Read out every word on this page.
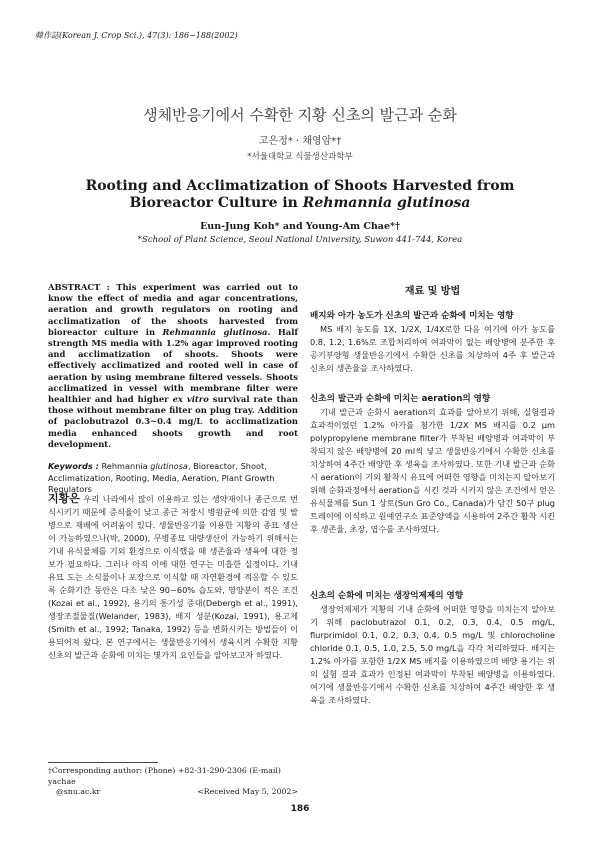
韓作誌(Korean J. Crop Sci.), 47(3): 186~188(2002)
생체반응기에서 수확한 지황 신초의 발근과 순화
고은정* · 채영암*†
*서울대학교 식물생산과학부
Rooting and Acclimatization of Shoots Harvested from
Bioreactor Culture in Rehmannia glutinosa
Eun-Jung Koh* and Young-Am Chae*†
*School of Plant Science, Seoul National University, Suwon 441-744, Korea
ABSTRACT : This experiment was carried out to know the effect of media and agar concentrations, aeration and growth regulators on rooting and acclimatization of the shoots harvested from bioreactor culture in Rehmannia glutinosa. Half strength MS media with 1.2% agar improved rooting and acclimatization of shoots. Shoots were effectively acclimatized and rooted well in case of aeration by using membrane filtered vessels. Shoots acclimatized in vessel with membrane filter were healthier and had higher ex vitro survival rate than those without membrane filter on plug tray. Addition of paclobutrazol 0.3~0.4 mg/L to acclimatization media enhanced shoots growth and root development.
Keywords : Rehmannia glutinosa, Bioreactor, Shoot, Acclimatization, Rooting, Media, Aeration, Plant Growth Regulators
지황은 우리 나라에서 많이 이용하고 있는 생약재이나 종근으로 번식시키기 때문에 증식율이 낮고 종근 저장시 병원균에 의한 감염 및 발병으로 재배에 어려움이 있다. 생물반응기를 이용한 지황의 종묘 생산이 가능하였으나(박, 2000), 무병종묘 대량생산이 가능하기 위해서는 기내 유식물체를 기외 환경으로 이식했을 때 생존율과 생육에 대한 정보가 필요하다. 그러나 아직 이에 대한 연구는 미흡한 실정이다. 기내 유묘 도는 소식물이나 포장으로 이식할 때 자연환경에 적응할 수 있도록 순화기간 동안은 다소 낮은 90~60% 습도와, 영양분이 적은 조건(Kozai et al., 1992), 용기의 통기성 증대(Debergh et al., 1991), 생장조절물질(Welander, 1983), 배지 성분(Kozai, 1991), 용고제(Smith et al., 1992; Tanaka, 1992) 등을 변화시키는 방법들이 이용되어져 왔다. 본 연구에서는 생물반응기에서 생육시켜 수확한 지황 신초의 발근과 순화에 미치는 몇가지 요인들을 알아보고자 하였다.
†Corresponding author: (Phone) +82-31-290-2306 (E-mail) yachae
@snu.ac.kr	<Received May 5, 2002>
재료 및 방법
배지와 아가 농도가 신초의 발근과 순화에 미치는 영향
MS 배지 농도를 1X, 1/2X, 1/4X로한 다음 여기에 아가 농도를 0.8, 1.2, 1.6%로 조합처리하여 여과막이 없는 배양병에 분주한 후 공기부양형 생물반응기에서 수확한 신초를 치상하여 4주 후 발근과 신초의 생존율을 조사하였다.
신초의 발근과 순화에 미치는 aeration의 영향
기내 발근과 순화시 aeration의 효과를 알아보기 위해, 실험결과 효과적이었던 1.2% 아가를 첨가한 1/2X MS 배지를 0.2 μm polypropylene membrane filter가 부착된 배양병과 여과막이 부착되지 않은 배양병에 20 ml씩 넣고 생물반응기에서 수확한 신초를 치상하여 4주간 배양한 후 생육을 조사하였다. 또한 기내 발근과 순화시 aeration이 기외 활착시 유묘에 어떠한 영향을 미치는지 알아보기 위해 순화과정에서 aeration을 시킨 것과 시키지 않은 조건에서 얻은 유식물체를 Sun 1 상토(Sun Gro Co., Canada)가 담긴 50구 plug 트레이에 이식하고 원예연구소 표준양액을 시용하여 2주간 활착 시킨 후 생존율, 초장, 엽수를 조사하였다.
신초의 순화에 미치는 생장억제제의 영향
생장억제제가 지황의 기내 순화에 어떠한 영향을 미치는지 알아보기 위해 paclobutrazol 0.1, 0.2, 0.3, 0.4, 0.5 mg/L, flurprimidol 0.1, 0.2, 0.3, 0.4, 0.5 mg/L 및 chlorocholine chloride 0.1, 0.5, 1.0, 2.5, 5.0 mg/L을 각각 처리하였다. 배지는 1.2% 아가를 포함한 1/2X MS 배지를 이용하였으며 배양 용기는 위의 실험 결과 효과가 인정된 여과막이 부착된 배양병을 이용하였다. 여기에 생물반응기에서 수확한 신초를 치상하여 4주간 배양한 후 생육을 조사하였다.
186
